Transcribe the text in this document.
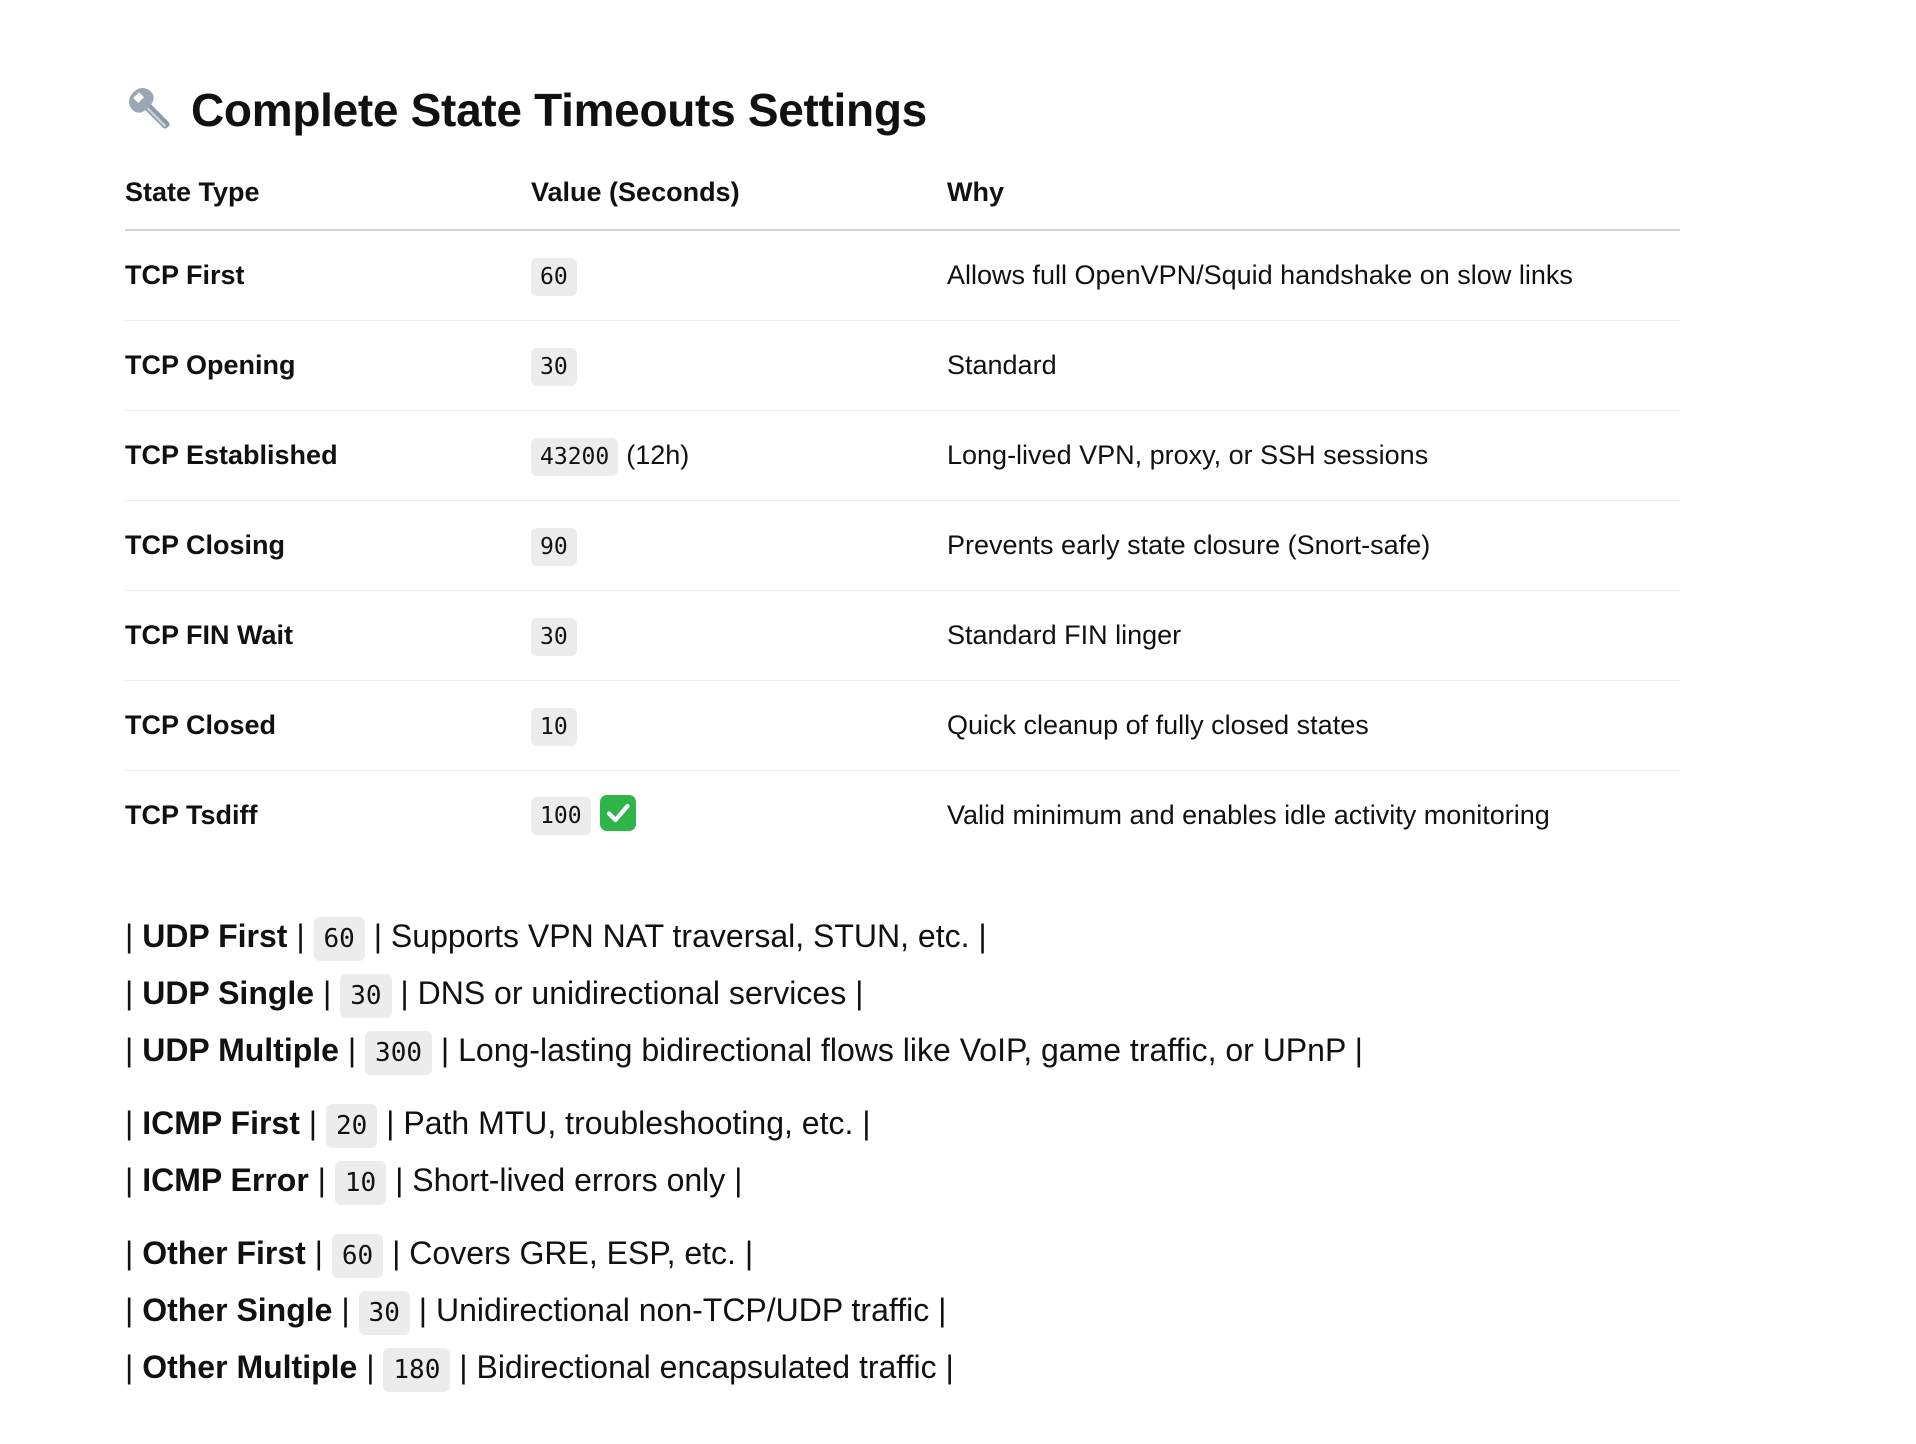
Complete State Timeouts Settings
State Type	Value (Seconds)	Why
TCP First	60	Allows full OpenVPN/Squid handshake on slow links
TCP Opening	30	Standard
TCP Established	43200 (12h)	Long-lived VPN, proxy, or SSH sessions
TCP Closing	90	Prevents early state closure (Snort-safe)
TCP FIN Wait	30	Standard FIN linger
TCP Closed	10	Quick cleanup of fully closed states
TCP Tsdiff	100	Valid minimum and enables idle activity monitoring
| UDP First | 60 | Supports VPN NAT traversal, STUN, etc. |
| UDP Single | 30 | DNS or unidirectional services |
| UDP Multiple | 300 | Long-lasting bidirectional flows like VoIP, game traffic, or UPnP |
| ICMP First | 20 | Path MTU, troubleshooting, etc. |
| ICMP Error | 10 | Short-lived errors only |
| Other First | 60 | Covers GRE, ESP, etc. |
| Other Single | 30 | Unidirectional non-TCP/UDP traffic |
| Other Multiple | 180 | Bidirectional encapsulated traffic |
